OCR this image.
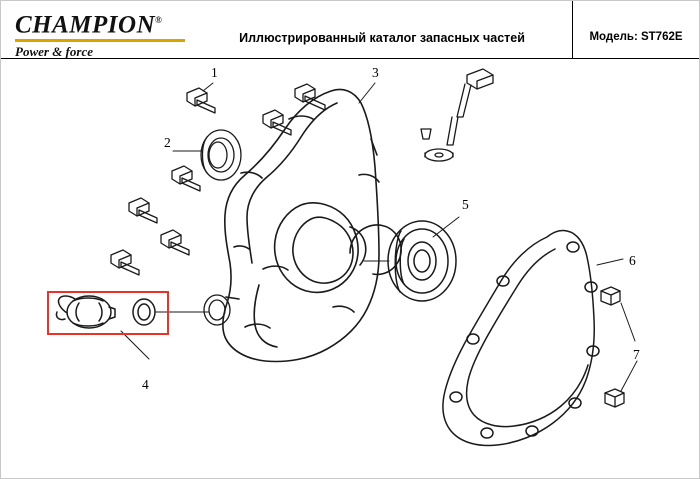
CHAMPION®
Power & force
Иллюстрированный каталог запасных частей	Модель: ST762E
1
2
3
4
5
6
7
